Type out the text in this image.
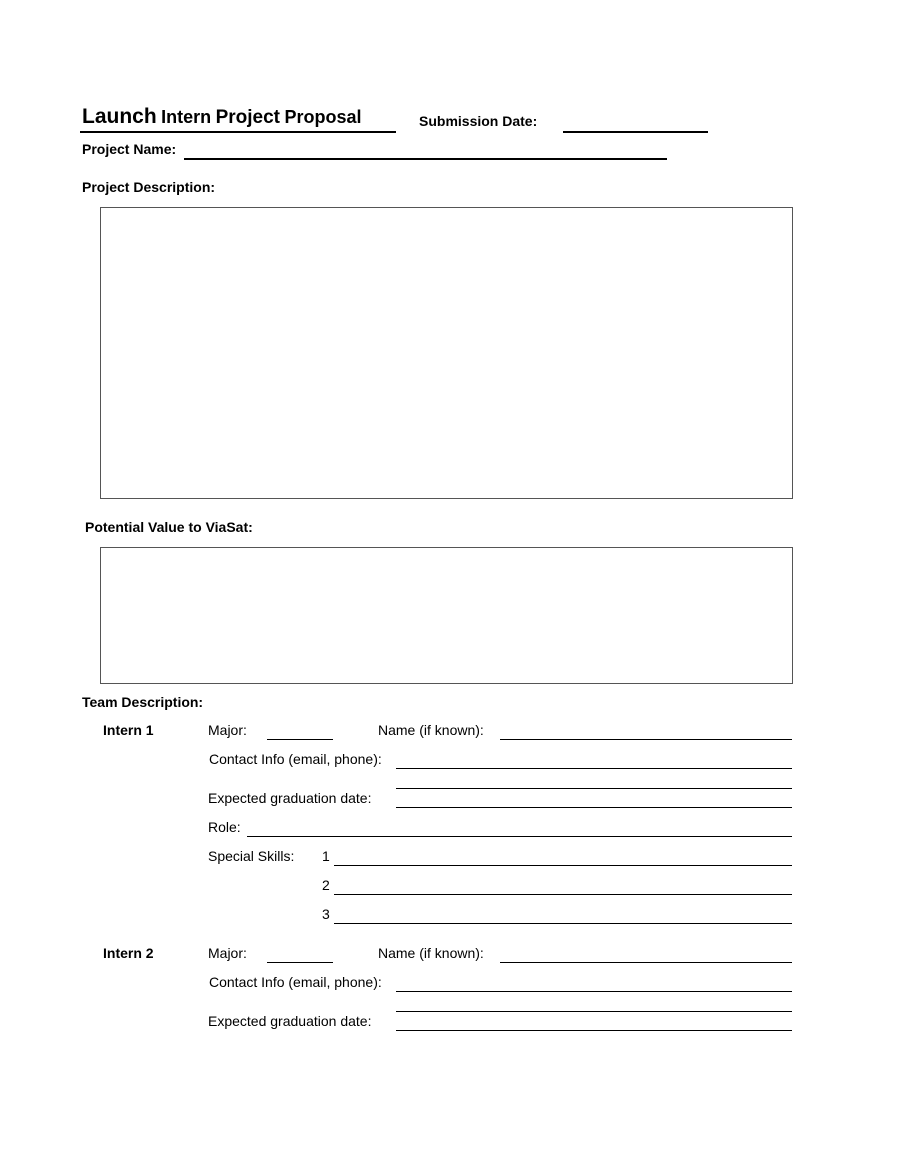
Launch Intern Project Proposal	Submission Date:
Project Name:
Project Description:
Potential Value to ViaSat:
Team Description:
Intern 1	Major:	Name (if known):
Contact Info (email, phone):
Expected graduation date:
Role:
Special Skills: 1
2
3
Intern 2	Major:	Name (if known):
Contact Info (email, phone):
Expected graduation date:
